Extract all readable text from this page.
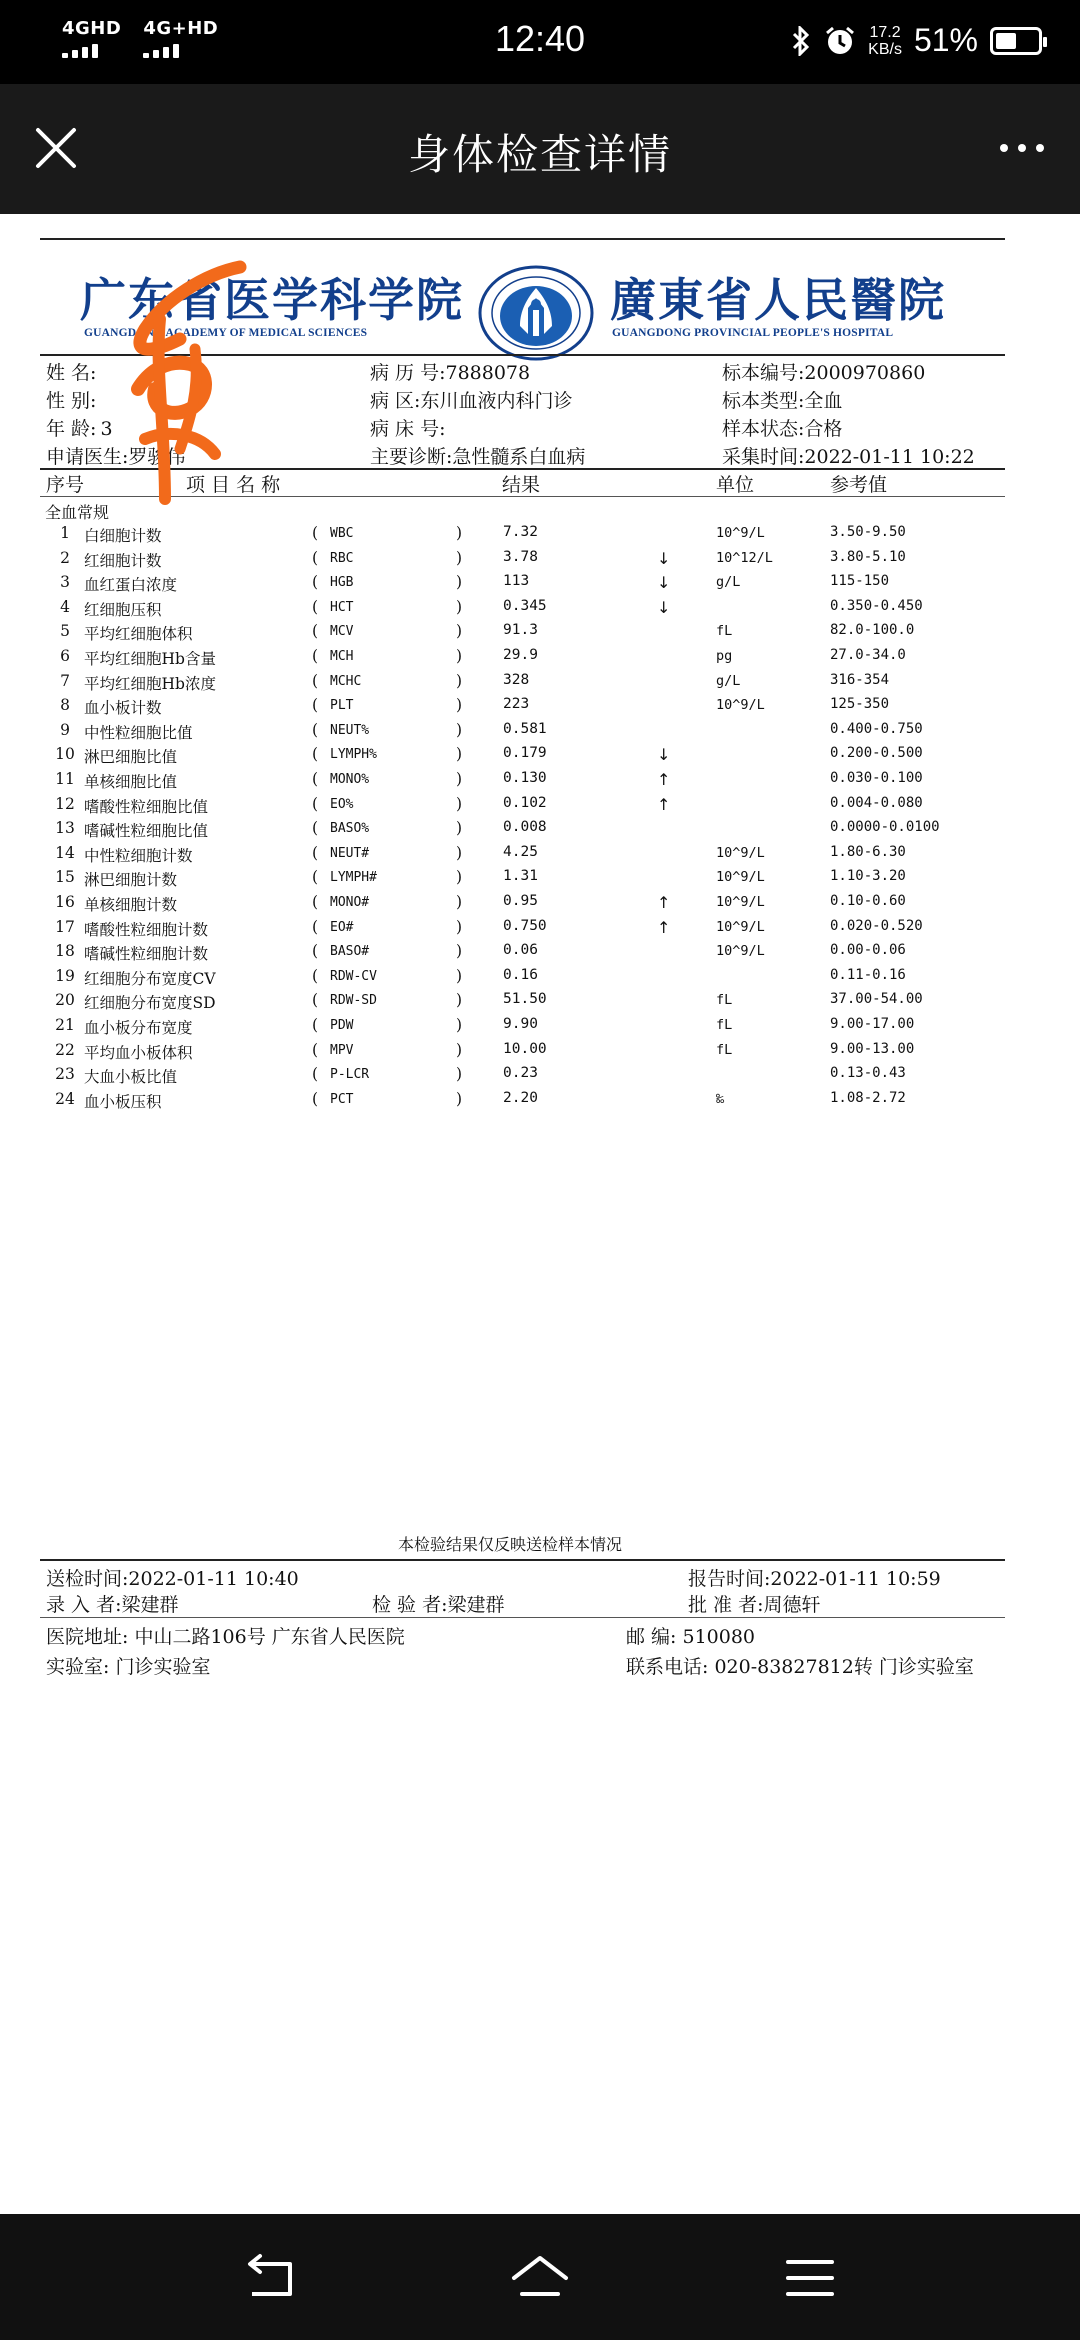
4GHD 4G+HD	12:40	17.2
KB/s 51%
身体检查详情
广东省医学科学院
GUANGDONG ACADEMY OF MEDICAL SCIENCES
廣東省人民醫院
GUANGDONG PROVINCIAL PEOPLE'S HOSPITAL
姓 名:
性 别:
年 龄: 3
申请医生:罗骏伟
病 历 号:7888078
病 区:东川血液内科门诊
病 床 号:
主要诊断:急性髓系白血病
标本编号:2000970860
标本类型:全血
样本状态:合格
采集时间:2022-01-11 10:22
序号	项 目 名 称	结果	单位	参考值
全血常规
1 白细胞计数	( WBC	)	7.32	10^9/L	3.50-9.50
2 红细胞计数	( RBC	)	3.78	↓	10^12/L	3.80-5.10
3 血红蛋白浓度	( HGB	)	113	↓	g/L	115-150
4 红细胞压积	( HCT	)	0.345	↓	0.350-0.450
5 平均红细胞体积	( MCV	)	91.3	fL	82.0-100.0
6 平均红细胞Hb含量	( MCH	)	29.9	pg	27.0-34.0
7 平均红细胞Hb浓度	( MCHC	)	328	g/L	316-354
8 血小板计数	( PLT	)	223	10^9/L	125-350
9 中性粒细胞比值	( NEUT%	)	0.581	0.400-0.750
10 淋巴细胞比值	( LYMPH%	)	0.179	↓	0.200-0.500
11 单核细胞比值	( MONO%	)	0.130	↑	0.030-0.100
12 嗜酸性粒细胞比值	( EO%	)	0.102	↑	0.004-0.080
13 嗜碱性粒细胞比值	( BASO%	)	0.008	0.0000-0.0100
14 中性粒细胞计数	( NEUT#	)	4.25	10^9/L	1.80-6.30
15 淋巴细胞计数	( LYMPH#	)	1.31	10^9/L	1.10-3.20
16 单核细胞计数	( MONO#	)	0.95	↑	10^9/L	0.10-0.60
17 嗜酸性粒细胞计数	( EO#	)	0.750	↑	10^9/L	0.020-0.520
18 嗜碱性粒细胞计数	( BASO#	)	0.06	10^9/L	0.00-0.06
19 红细胞分布宽度CV	( RDW-CV	)	0.16	0.11-0.16
20 红细胞分布宽度SD	( RDW-SD	)	51.50	fL	37.00-54.00
21 血小板分布宽度	( PDW	)	9.90	fL	9.00-17.00
22 平均血小板体积	( MPV	)	10.00	fL	9.00-13.00
23 大血小板比值	( P-LCR	)	0.23	0.13-0.43
24 血小板压积	( PCT	)	2.20	‰	1.08-2.72
本检验结果仅反映送检样本情况
送检时间:2022-01-11 10:40	报告时间:2022-01-11 10:59
录 入 者:梁建群	检 验 者:梁建群	批 准 者:周德轩
医院地址: 中山二路106号 广东省人民医院	邮 编: 510080
实验室: 门诊实验室	联系电话: 020-83827812转 门诊实验室
